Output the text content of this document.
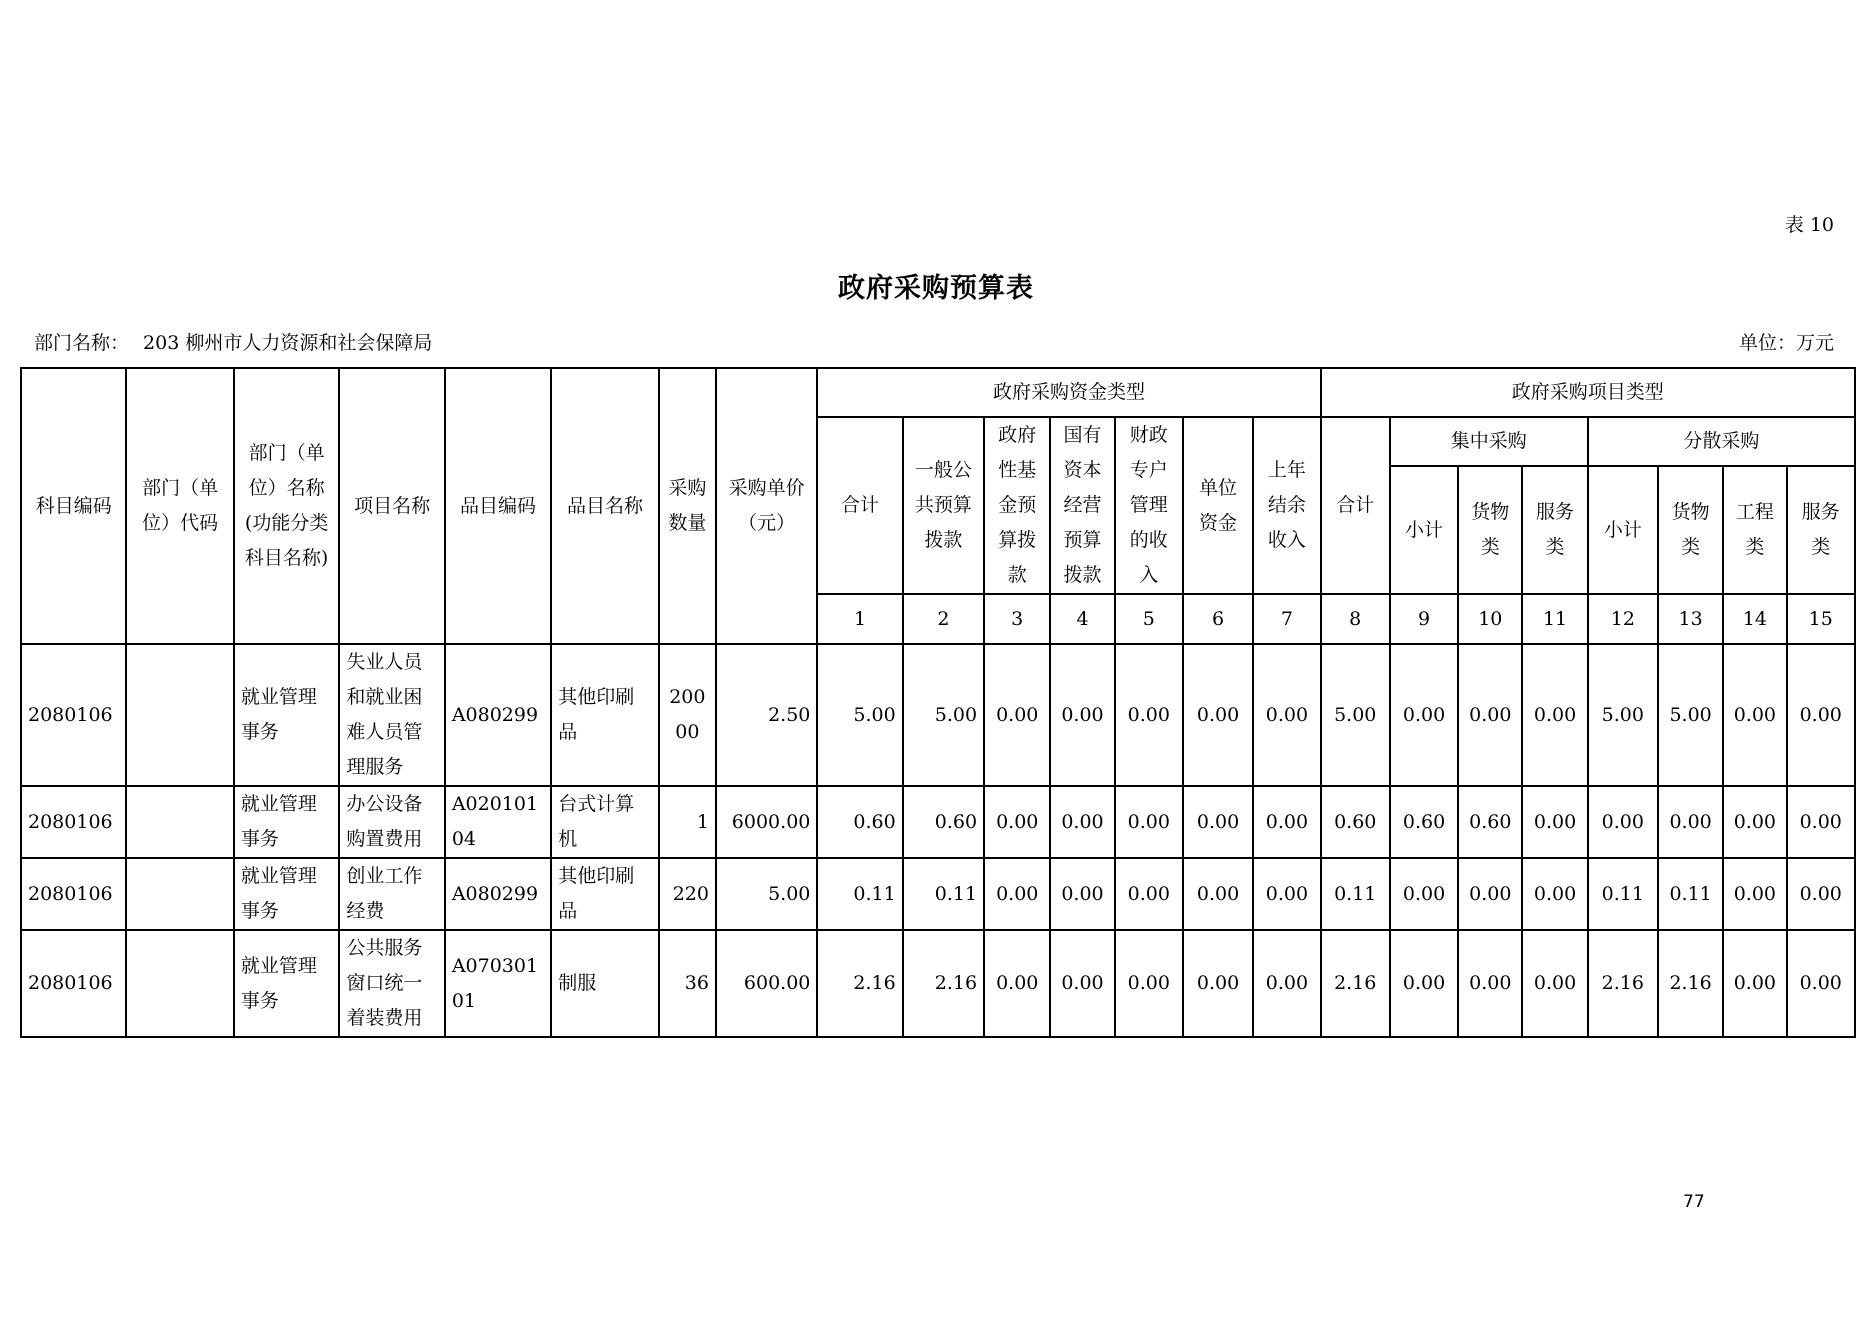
表 10
政府采购预算表
部门名称： 203 柳州市人力资源和社会保障局	单位：万元
科目编码	部门（单位）代码	部门（单位）名称(功能分类科目名称)	项目名称	品目编码	品目名称	采购数量	采购单价（元）	政府采购资金类型							政府采购项目类型							
								合计	一般公共预算拨款	政府性基金预算拨款	国有资本经营预算拨款	财政专户管理的收入	单位资金	上年结余收入	合计	集中采购			分散采购			
																小计	货物类	服务类	小计	货物类	工程类	服务类
								1	2	3	4	5	6	7	8	9	10	11	12	13	14	15
2080106		就业管理事务	失业人员和就业困难人员管理服务	A080299	其他印刷品	20000	2.50	5.00	5.00	0.00	0.00	0.00	0.00	0.00	5.00	0.00	0.00	0.00	5.00	5.00	0.00	0.00
2080106		就业管理事务	办公设备购置费用	A02010104	台式计算机	1	6000.00	0.60	0.60	0.00	0.00	0.00	0.00	0.00	0.60	0.60	0.60	0.00	0.00	0.00	0.00	0.00
2080106		就业管理事务	创业工作经费	A080299	其他印刷品	220	5.00	0.11	0.11	0.00	0.00	0.00	0.00	0.00	0.11	0.00	0.00	0.00	0.11	0.11	0.00	0.00
2080106		就业管理事务	公共服务窗口统一着装费用	A07030101	制服	36	600.00	2.16	2.16	0.00	0.00	0.00	0.00	0.00	2.16	0.00	0.00	0.00	2.16	2.16	0.00	0.00
77
